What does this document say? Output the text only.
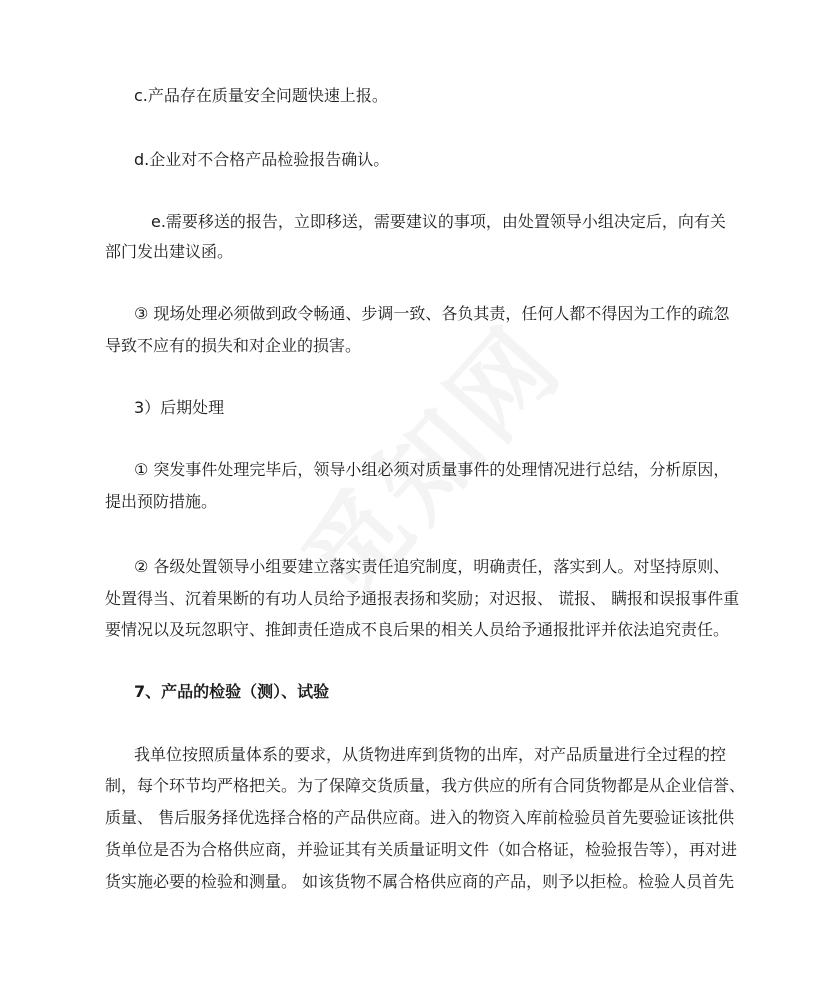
c.产品存在质量安全问题快速上报。
d.企业对不合格产品检验报告确认。
e.需要移送的报告，立即移送，需要建议的事项，由处置领导小组决定后，向有关
部门发出建议函。
③ 现场处理必须做到政令畅通、步调一致、各负其责，任何人都不得因为工作的疏忽
导致不应有的损失和对企业的损害。
3）后期处理
① 突发事件处理完毕后，领导小组必须对质量事件的处理情况进行总结，分析原因，
提出预防措施。
② 各级处置领导小组要建立落实责任追究制度，明确责任，落实到人。对坚持原则、
处置得当、沉着果断的有功人员给予通报表扬和奖励；对迟报、 谎报、 瞒报和误报事件重
要情况以及玩忽职守、推卸责任造成不良后果的相关人员给予通报批评并依法追究责任。
7、产品的检验（测）、试验
我单位按照质量体系的要求，从货物进库到货物的出库，对产品质量进行全过程的控
制，每个环节均严格把关。为了保障交货质量，我方供应的所有合同货物都是从企业信誉、
质量、 售后服务择优选择合格的产品供应商。进入的物资入库前检验员首先要验证该批供
货单位是否为合格供应商，并验证其有关质量证明文件（如合格证，检验报告等），再对进
货实施必要的检验和测量。 如该货物不属合格供应商的产品，则予以拒检。检验人员首先
